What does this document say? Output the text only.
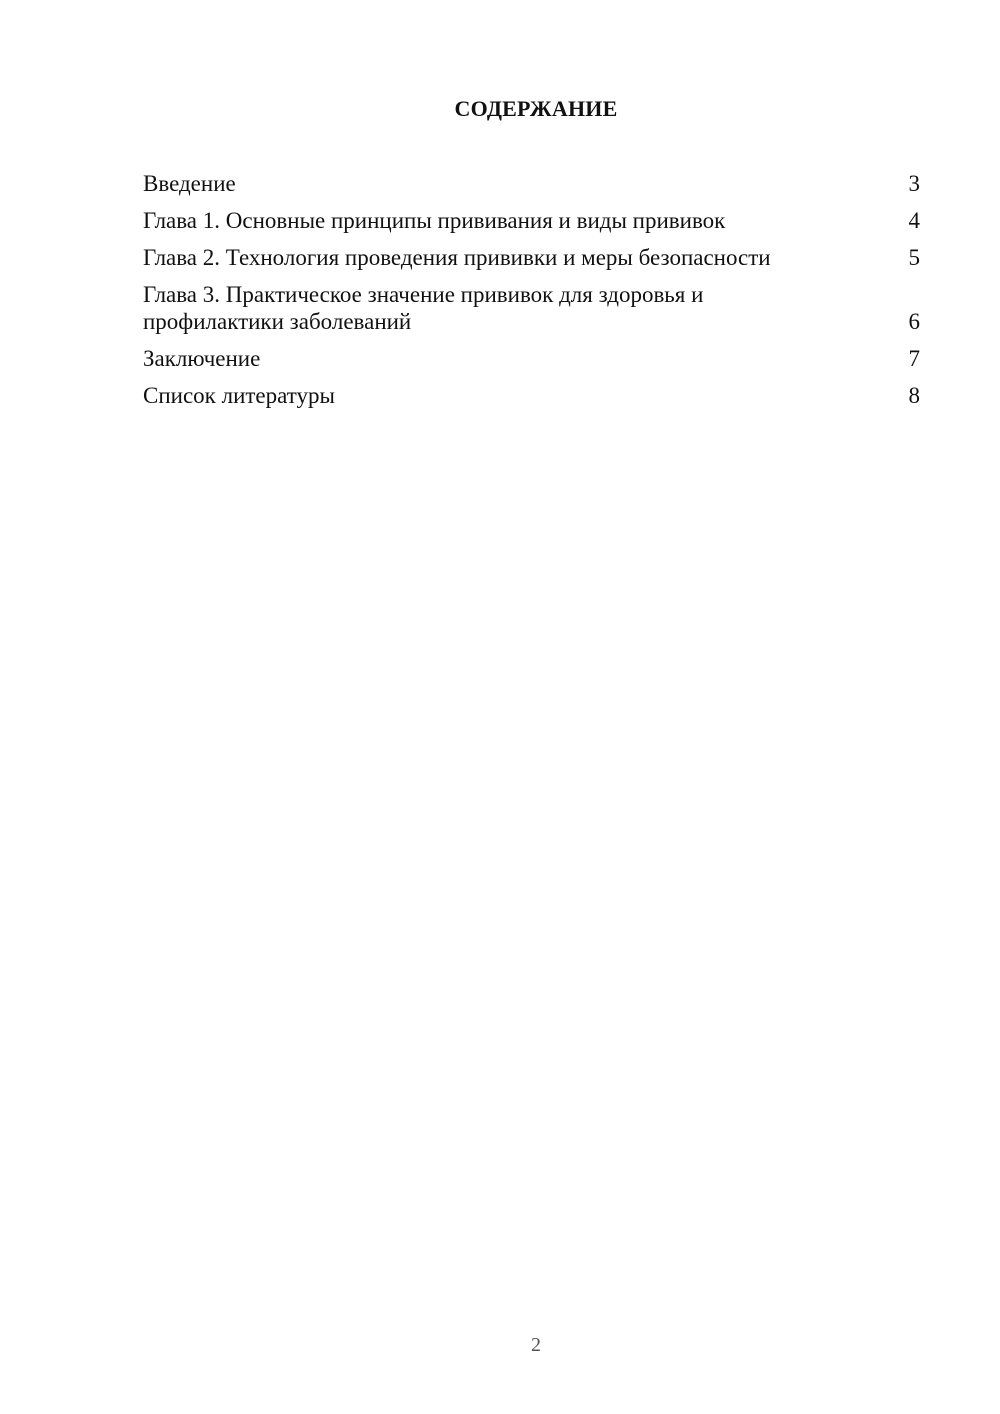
СОДЕРЖАНИЕ
Введение	3
Глава 1. Основные принципы прививания и виды прививок	4
Глава 2. Технология проведения прививки и меры безопасности	5
Глава 3. Практическое значение прививок для здоровья и
профилактики заболеваний	6
Заключение	7
Список литературы	8
2
